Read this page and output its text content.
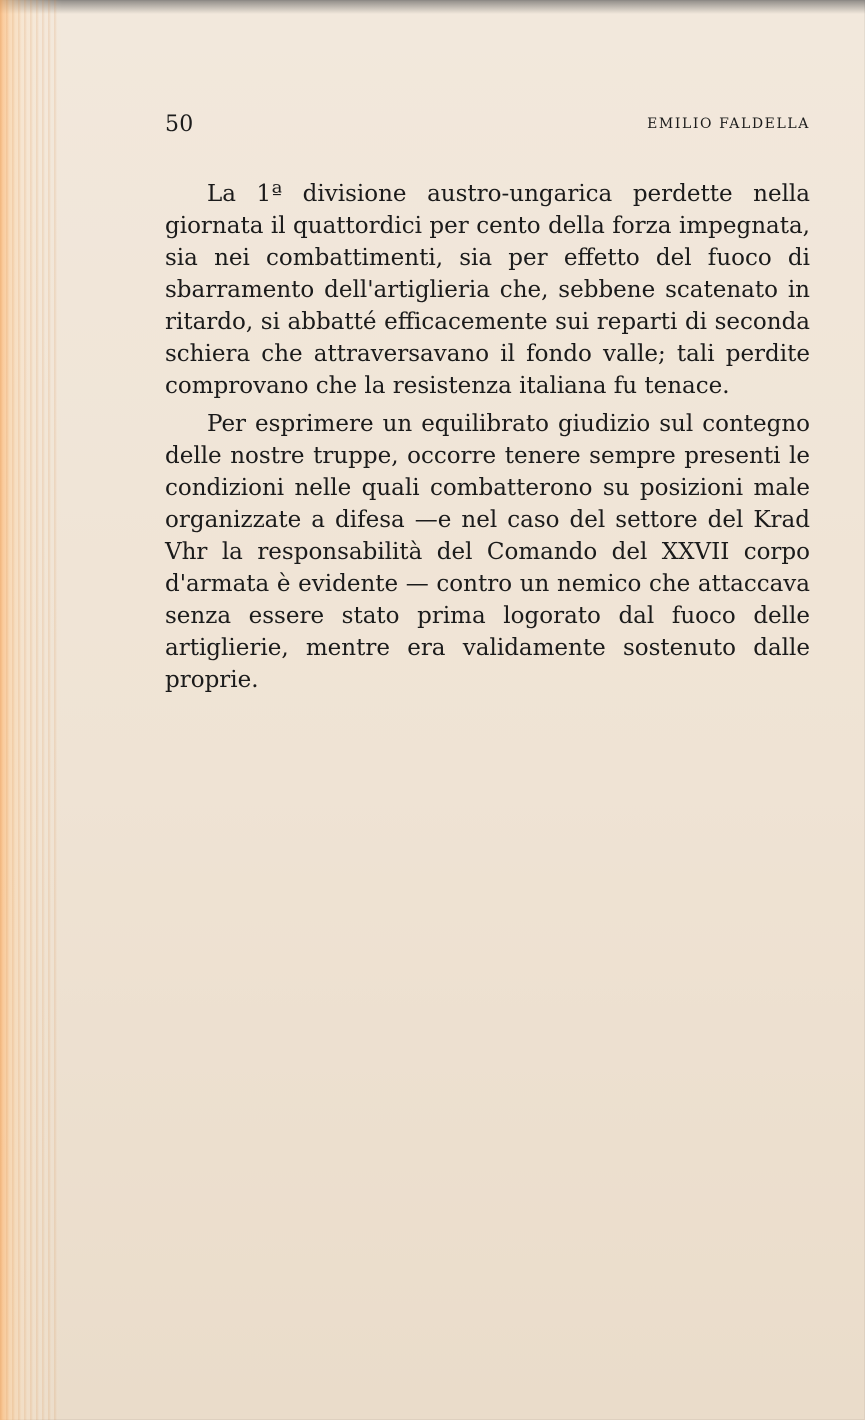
50	EMILIO FALDELLA

La 1ª divisione austro-ungarica perdette nella giornata il quattordici per cento della forza impegnata, sia nei combattimenti, sia per effetto del fuoco di sbarramento dell'artiglieria che, sebbene scatenato in ritardo, si abbatté efficacemente sui reparti di seconda schiera che attraversavano il fondo valle; tali perdite comprovano che la resistenza italiana fu tenace.

Per esprimere un equilibrato giudizio sul contegno delle nostre truppe, occorre tenere sempre presenti le condizioni nelle quali combatterono su posizioni male organizzate a difesa —e nel caso del settore del Krad Vhr la responsabilità del Comando del XXVII corpo d'armata è evidente — contro un nemico che attaccava senza essere stato prima logorato dal fuoco delle artiglierie, mentre era validamente sostenuto dalle proprie.
